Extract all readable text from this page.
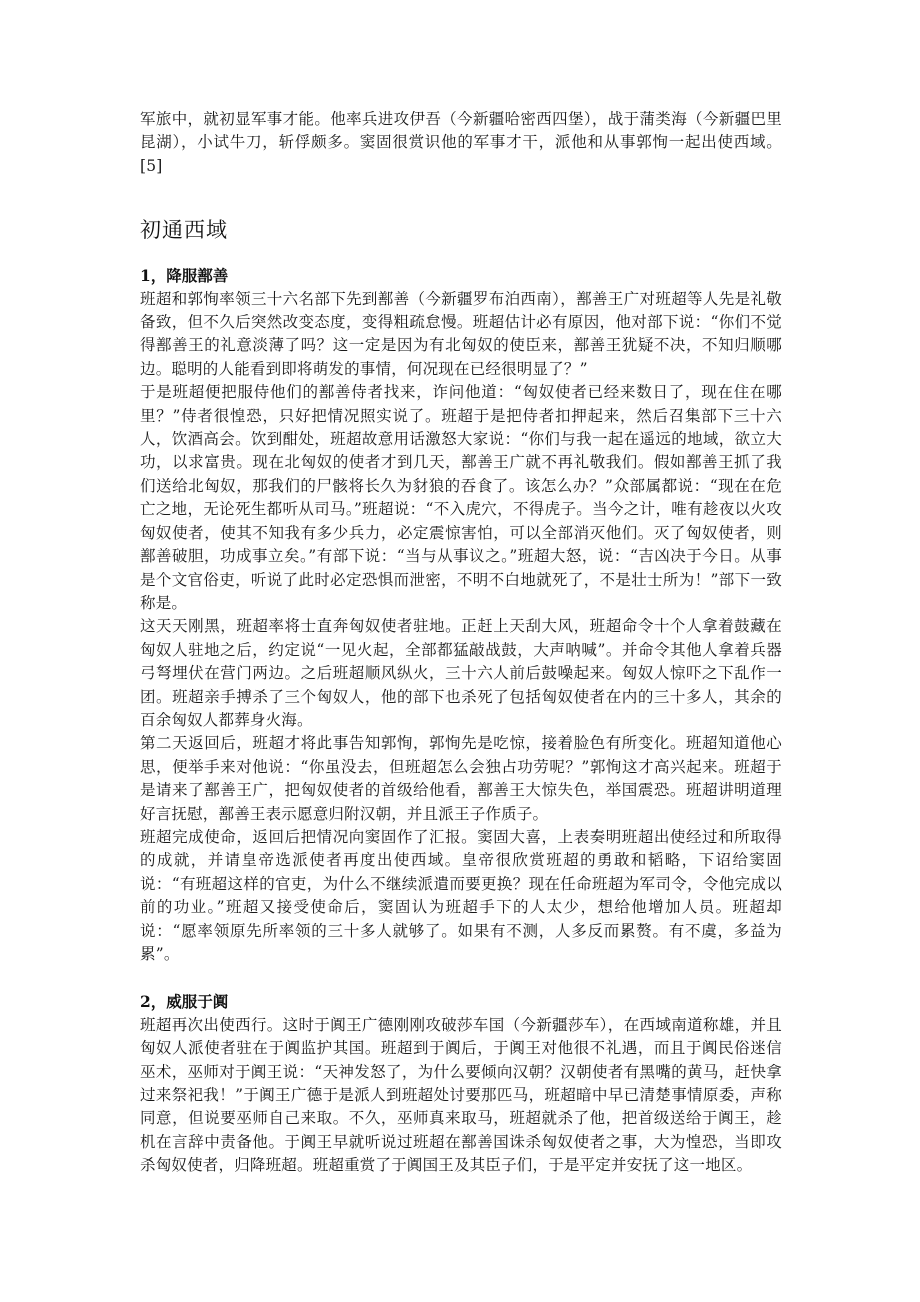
军旅中，就初显军事才能。他率兵进攻伊吾（今新疆哈密西四堡），战于蒲类海（今新疆巴里昆湖），小试牛刀，斩俘颇多。窦固很赏识他的军事才干，派他和从事郭恂一起出使西域。[5]

初通西域
1，降服鄯善

班超和郭恂率领三十六名部下先到鄯善（今新疆罗布泊西南），鄯善王广对班超等人先是礼敬备致，但不久后突然改变态度，变得粗疏怠慢。班超估计必有原因，他对部下说：“你们不觉得鄯善王的礼意淡薄了吗？这一定是因为有北匈奴的使臣来，鄯善王犹疑不决，不知归顺哪边。聪明的人能看到即将萌发的事情，何况现在已经很明显了？”

于是班超便把服侍他们的鄯善侍者找来，诈问他道：“匈奴使者已经来数日了，现在住在哪里？”侍者很惶恐，只好把情况照实说了。班超于是把侍者扣押起来，然后召集部下三十六人，饮酒高会。饮到酣处，班超故意用话激怒大家说：“你们与我一起在遥远的地域，欲立大功，以求富贵。现在北匈奴的使者才到几天，鄯善王广就不再礼敬我们。假如鄯善王抓了我们送给北匈奴，那我们的尸骸将长久为豺狼的吞食了。该怎么办？”众部属都说：“现在在危亡之地，无论死生都听从司马。”班超说：“不入虎穴，不得虎子。当今之计，唯有趁夜以火攻匈奴使者，使其不知我有多少兵力，必定震惊害怕，可以全部消灭他们。灭了匈奴使者，则鄯善破胆，功成事立矣。”有部下说：“当与从事议之。”班超大怒，说：“吉凶决于今日。从事是个文官俗吏，听说了此时必定恐惧而泄密，不明不白地就死了，不是壮士所为！”部下一致称是。

这天天刚黑，班超率将士直奔匈奴使者驻地。正赶上天刮大风，班超命令十个人拿着鼓藏在匈奴人驻地之后，约定说“一见火起，全部都猛敲战鼓，大声呐喊”。并命令其他人拿着兵器弓弩埋伏在营门两边。之后班超顺风纵火，三十六人前后鼓噪起来。匈奴人惊吓之下乱作一团。班超亲手搏杀了三个匈奴人，他的部下也杀死了包括匈奴使者在内的三十多人，其余的百余匈奴人都葬身火海。

第二天返回后，班超才将此事告知郭恂，郭恂先是吃惊，接着脸色有所变化。班超知道他心思，便举手来对他说：“你虽没去，但班超怎么会独占功劳呢？”郭恂这才高兴起来。班超于是请来了鄯善王广，把匈奴使者的首级给他看，鄯善王大惊失色，举国震恐。班超讲明道理好言抚慰，鄯善王表示愿意归附汉朝，并且派王子作质子。

班超完成使命，返回后把情况向窦固作了汇报。窦固大喜，上表奏明班超出使经过和所取得的成就，并请皇帝选派使者再度出使西域。皇帝很欣赏班超的勇敢和韬略，下诏给窦固说：“有班超这样的官吏，为什么不继续派遣而要更换？现在任命班超为军司令，令他完成以前的功业。”班超又接受使命后，窦固认为班超手下的人太少，想给他增加人员。班超却说：“愿率领原先所率领的三十多人就够了。如果有不测，人多反而累赘。有不虞，多益为累”。

2，威服于阗

班超再次出使西行。这时于阗王广德刚刚攻破莎车国（今新疆莎车），在西域南道称雄，并且匈奴人派使者驻在于阗监护其国。班超到于阗后，于阗王对他很不礼遇，而且于阗民俗迷信巫术，巫师对于阗王说：“天神发怒了，为什么要倾向汉朝？汉朝使者有黑嘴的黄马，赶快拿过来祭祀我！”于阗王广德于是派人到班超处讨要那匹马，班超暗中早已清楚事情原委，声称同意，但说要巫师自己来取。不久，巫师真来取马，班超就杀了他，把首级送给于阗王，趁机在言辞中责备他。于阗王早就听说过班超在鄯善国诛杀匈奴使者之事，大为惶恐，当即攻杀匈奴使者，归降班超。班超重赏了于阗国王及其臣子们，于是平定并安抚了这一地区。
